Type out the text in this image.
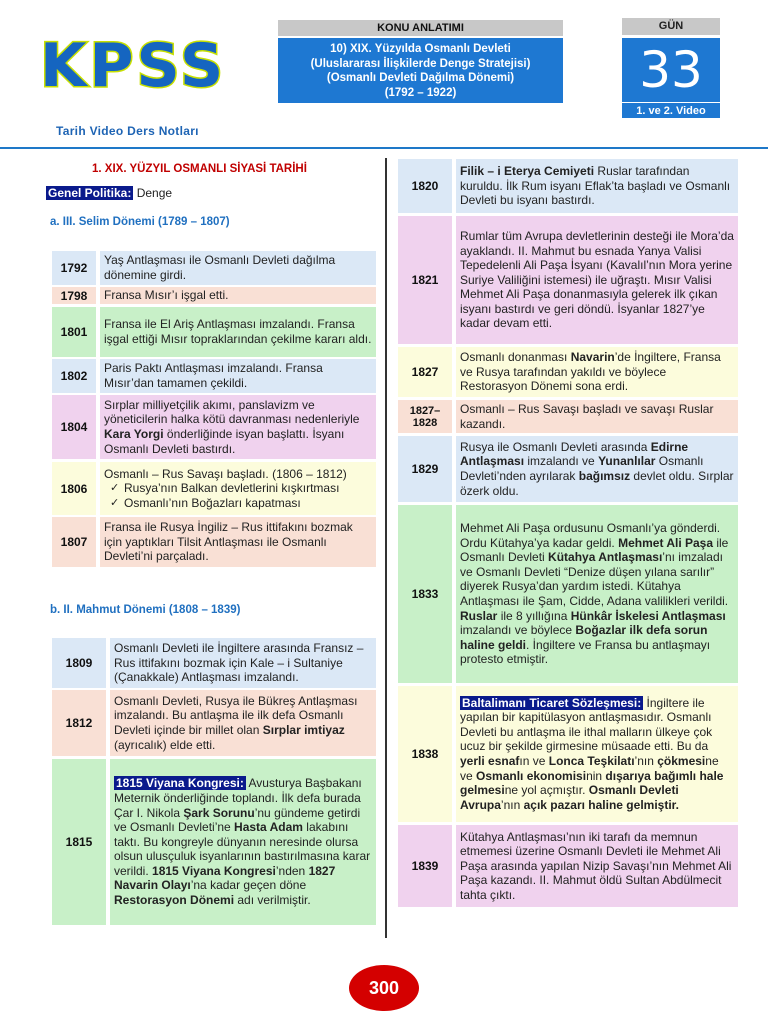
KPSS
Tarih Video Ders Notları
KONU ANLATIMI
10) XIX. Yüzyılda Osmanlı Devleti
(Uluslararası İlişkilerde Denge Stratejisi)
(Osmanlı Devleti Dağılma Dönemi)
(1792 – 1922)
GÜN
33
1. ve 2. Video
1. XIX. YÜZYIL OSMANLI SİYASİ TARİHİ
Genel Politika: Denge
a. III. Selim Dönemi (1789 – 1807)
1792
Yaş Antlaşması ile Osmanlı Devleti dağılma dönemine girdi.
1798	Fransa Mısır’ı işgal etti.
1801
Fransa ile El Ariş Antlaşması imzalandı. Fransa işgal ettiği Mısır topraklarından çekilme kararı aldı.
1802
Paris Paktı Antlaşması imzalandı. Fransa Mısır’dan tamamen çekildi.
1804
Sırplar milliyetçilik akımı, panslavizm ve yöneticilerin halka kötü davranması nedenleriyle Kara Yorgi önderliğinde isyan başlattı. İsyanı Osmanlı Devleti bastırdı.
1806
Osmanlı – Rus Savaşı başladı. (1806 – 1812)
✓ Rusya’nın Balkan devletlerini kışkırtması
✓ Osmanlı’nın Boğazları kapatması
1807
Fransa ile Rusya İngiliz – Rus ittifakını bozmak için yaptıkları Tilsit Antlaşması ile Osmanlı Devleti’ni parçaladı.
b. II. Mahmut Dönemi (1808 – 1839)
1809
Osmanlı Devleti ile İngiltere arasında Fransız – Rus ittifakını bozmak için Kale – i Sultaniye (Çanakkale) Antlaşması imzalandı.
1812
Osmanlı Devleti, Rusya ile Bükreş Antlaşması imzalandı. Bu antlaşma ile ilk defa Osmanlı Devleti içinde bir millet olan Sırplar imtiyaz (ayrıcalık) elde etti.
1815
1815 Viyana Kongresi: Avusturya Başbakanı Meternik önderliğinde toplandı. İlk defa burada Çar I. Nikola Şark Sorunu’nu gündeme getirdi ve Osmanlı Devleti’ne Hasta Adam lakabını taktı. Bu kongreyle dünyanın neresinde olursa olsun ulusçuluk isyanlarının bastırılmasına karar verildi. 1815 Viyana Kongresi’nden 1827 Navarin Olayı’na kadar geçen döne Restorasyon Dönemi adı verilmiştir.
1820
Filik – i Eterya Cemiyeti Ruslar tarafından kuruldu. İlk Rum isyanı Eflak’ta başladı ve Osmanlı Devleti bu isyanı bastırdı.
1821
Rumlar tüm Avrupa devletlerinin desteği ile Mora’da ayaklandı. II. Mahmut bu esnada Yanya Valisi Tepedelenli Ali Paşa İsyanı (Kavalıl’nın Mora yerine Suriye Valiliğini istemesi) ile uğraştı. Mısır Valisi Mehmet Ali Paşa donanmasıyla gelerek ilk çıkan isyanı bastırdı ve geri döndü. İsyanlar 1827’ye kadar devam etti.
1827
Osmanlı donanması Navarin’de İngiltere, Fransa ve Rusya tarafından yakıldı ve böylece Restorasyon Dönemi sona erdi.
1827–1828
Osmanlı – Rus Savaşı başladı ve savaşı Ruslar kazandı.
1829
Rusya ile Osmanlı Devleti arasında Edirne Antlaşması imzalandı ve Yunanlılar Osmanlı Devleti’nden ayrılarak bağımsız devlet oldu. Sırplar özerk oldu.
1833
Mehmet Ali Paşa ordusunu Osmanlı’ya gönderdi. Ordu Kütahya’ya kadar geldi. Mehmet Ali Paşa ile Osmanlı Devleti Kütahya Antlaşması’nı imzaladı ve Osmanlı Devleti “Denize düşen yılana sarılır” diyerek Rusya’dan yardım istedi. Kütahya Antlaşması ile Şam, Cidde, Adana valilikleri verildi. Ruslar ile 8 yıllığına Hünkâr İskelesi Antlaşması imzalandı ve böylece Boğazlar ilk defa sorun haline geldi. İngiltere ve Fransa bu antlaşmayı protesto etmiştir.
1838
Baltalimanı Ticaret Sözleşmesi: İngiltere ile yapılan bir kapitülasyon antlaşmasıdır. Osmanlı Devleti bu antlaşma ile ithal malların ülkeye çok ucuz bir şekilde girmesine müsaade etti. Bu da yerli esnafın ve Lonca Teşkilatı’nın çökmesine ve Osmanlı ekonomisinin dışarıya bağımlı hale gelmesine yol açmıştır. Osmanlı Devleti Avrupa’nın açık pazarı haline gelmiştir.
1839
Kütahya Antlaşması’nın iki tarafı da memnun etmemesi üzerine Osmanlı Devleti ile Mehmet Ali Paşa arasında yapılan Nizip Savaşı’nın Mehmet Ali Paşa kazandı. II. Mahmut öldü Sultan Abdülmecit tahta çıktı.
300
